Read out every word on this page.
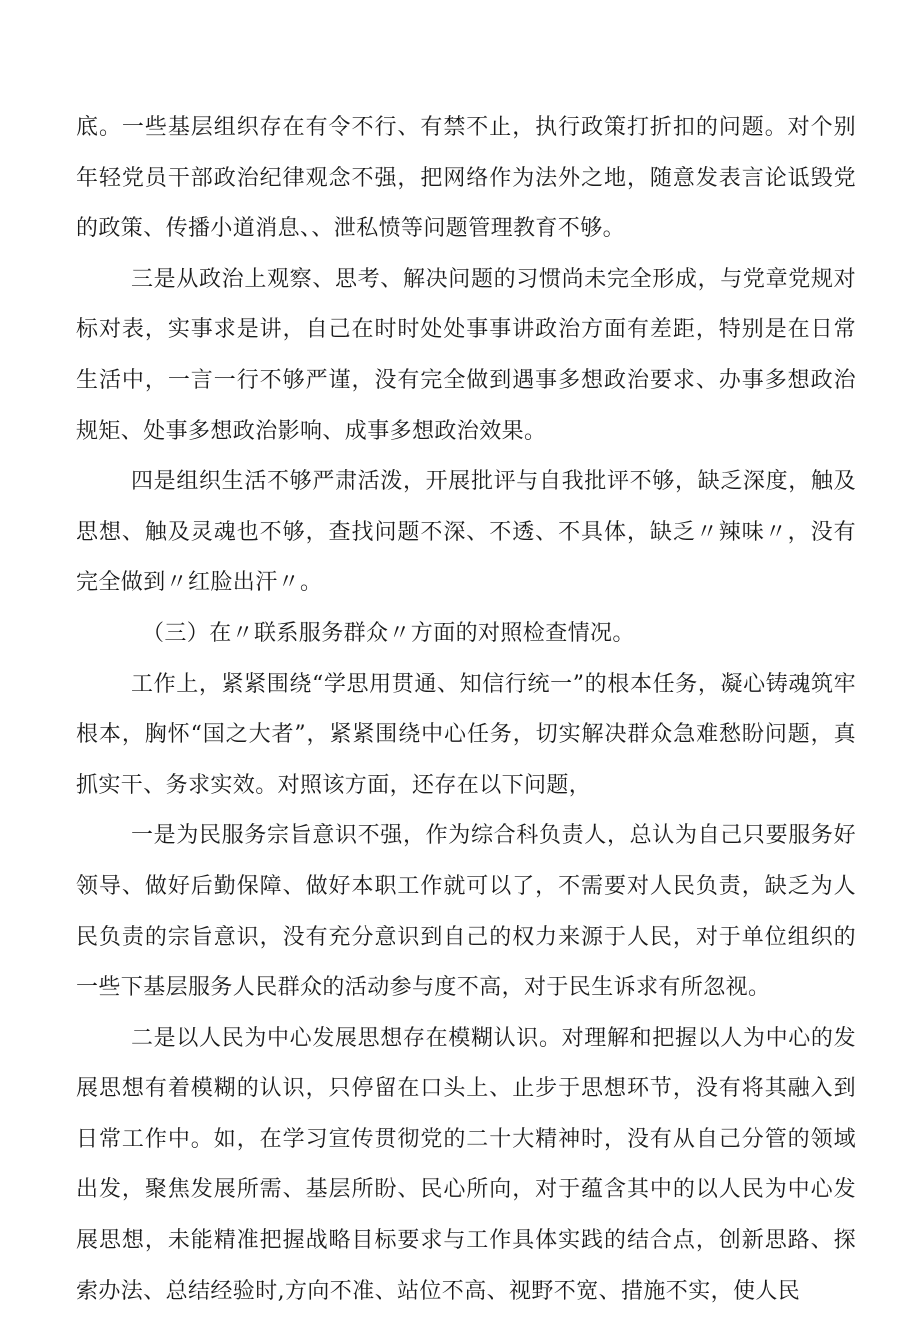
底。一些基层组织存在有令不行、有禁不止，执行政策打折扣的问题。对个别年轻党员干部政治纪律观念不强，把网络作为法外之地，随意发表言论诋毁党的政策、传播小道消息、、泄私愤等问题管理教育不够。

三是从政治上观察、思考、解决问题的习惯尚未完全形成，与党章党规对标对表，实事求是讲，自己在时时处处事事讲政治方面有差距，特别是在日常生活中，一言一行不够严谨，没有完全做到遇事多想政治要求、办事多想政治规矩、处事多想政治影响、成事多想政治效果。

四是组织生活不够严肃活泼，开展批评与自我批评不够，缺乏深度，触及思想、触及灵魂也不够，查找问题不深、不透、不具体，缺乏〃辣味〃，没有完全做到〃红脸出汗〃。

（三）在〃联系服务群众〃方面的对照检查情况。

工作上，紧紧围绕“学思用贯通、知信行统一”的根本任务，凝心铸魂筑牢根本，胸怀“国之大者”，紧紧围绕中心任务，切实解决群众急难愁盼问题，真抓实干、务求实效。对照该方面，还存在以下问题，

一是为民服务宗旨意识不强，作为综合科负责人，总认为自己只要服务好领导、做好后勤保障、做好本职工作就可以了，不需要对人民负责，缺乏为人民负责的宗旨意识，没有充分意识到自己的权力来源于人民，对于单位组织的一些下基层服务人民群众的活动参与度不高，对于民生诉求有所忽视。

二是以人民为中心发展思想存在模糊认识。对理解和把握以人为中心的发展思想有着模糊的认识，只停留在口头上、止步于思想环节，没有将其融入到日常工作中。如，在学习宣传贯彻党的二十大精神时，没有从自己分管的领域出发，聚焦发展所需、基层所盼、民心所向，对于蕴含其中的以人民为中心发展思想，未能精准把握战略目标要求与工作具体实践的结合点，创新思路、探索办法、总结经验时,方向不准、站位不高、视野不宽、措施不实，使人民
